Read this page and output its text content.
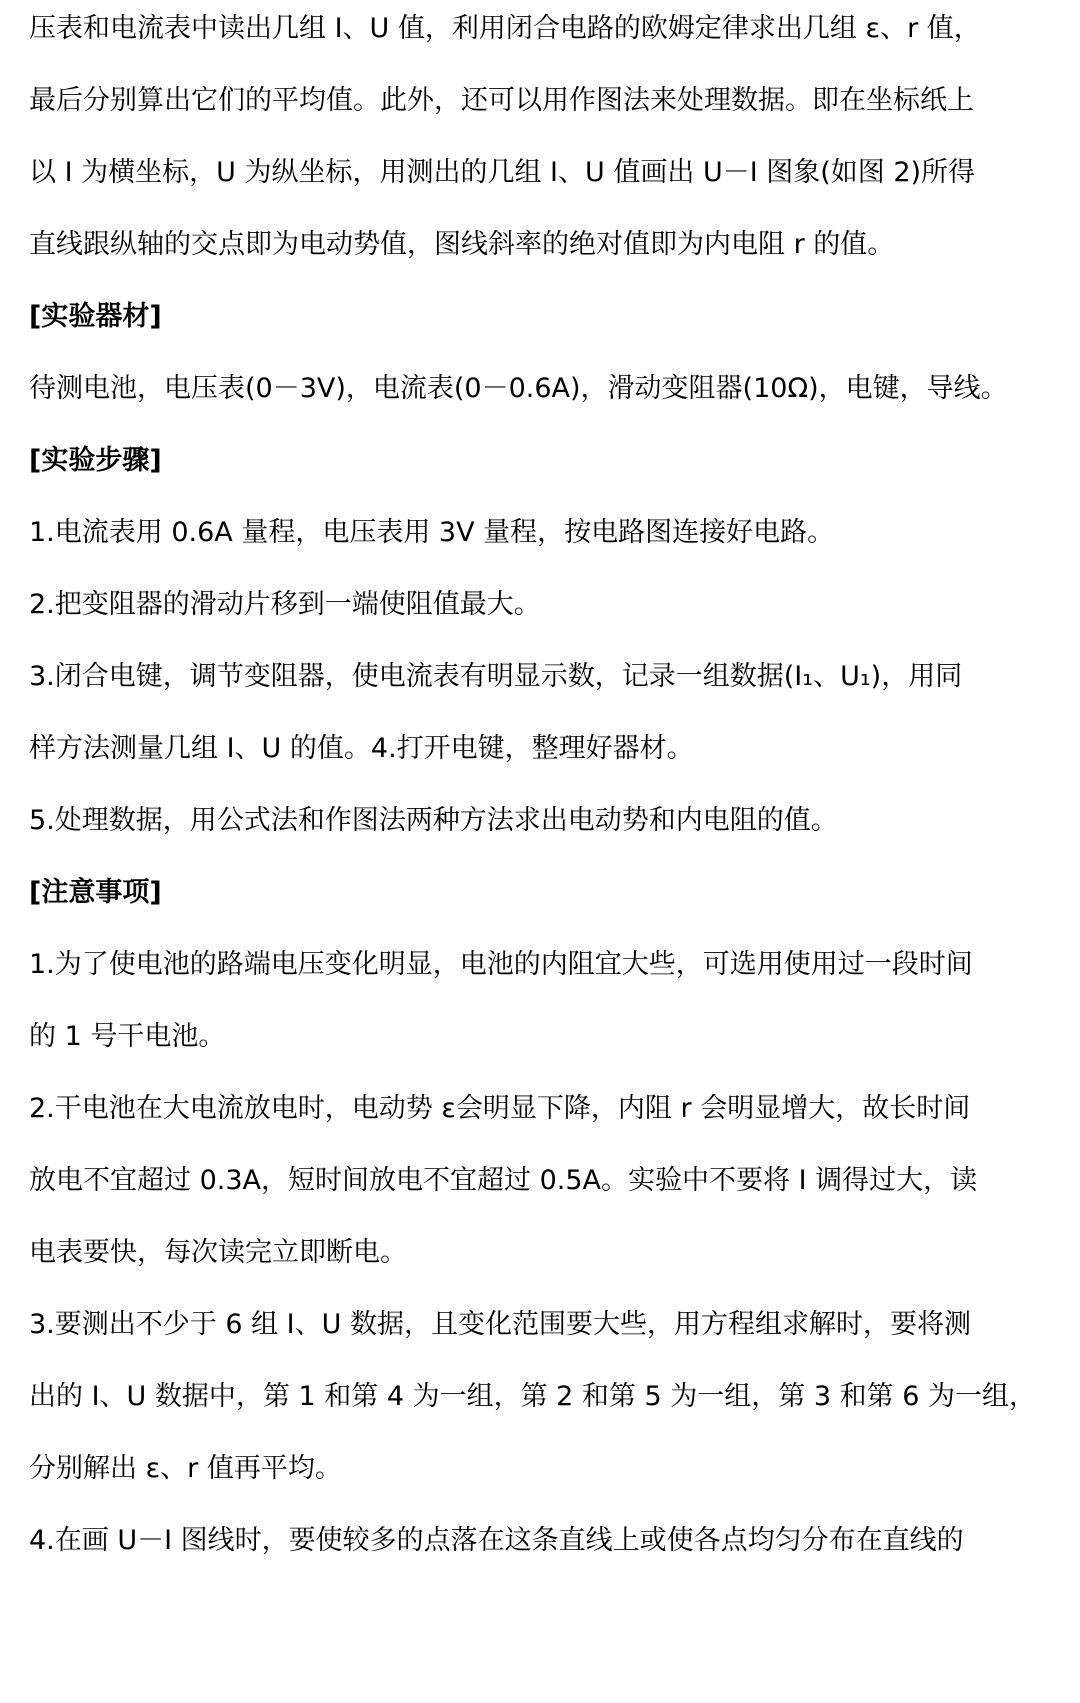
压表和电流表中读出几组 I、U 值，利用闭合电路的欧姆定律求出几组 ε、r 值，
最后分别算出它们的平均值。此外，还可以用作图法来处理数据。即在坐标纸上
以 I 为横坐标，U 为纵坐标，用测出的几组 I、U 值画出 U－I 图象(如图 2)所得
直线跟纵轴的交点即为电动势值，图线斜率的绝对值即为内电阻 r 的值。
[实验器材]
待测电池，电压表(0－3V)，电流表(0－0.6A)，滑动变阻器(10Ω)，电键，导线。
[实验步骤]
1.电流表用 0.6A 量程，电压表用 3V 量程，按电路图连接好电路。
2.把变阻器的滑动片移到一端使阻值最大。
3.闭合电键，调节变阻器，使电流表有明显示数，记录一组数据(I₁、U₁)，用同
样方法测量几组 I、U 的值。4.打开电键，整理好器材。
5.处理数据，用公式法和作图法两种方法求出电动势和内电阻的值。
[注意事项]
1.为了使电池的路端电压变化明显，电池的内阻宜大些，可选用使用过一段时间
的 1 号干电池。
2.干电池在大电流放电时，电动势 ε会明显下降，内阻 r 会明显增大，故长时间
放电不宜超过 0.3A，短时间放电不宜超过 0.5A。实验中不要将 I 调得过大，读
电表要快，每次读完立即断电。
3.要测出不少于 6 组 I、U 数据，且变化范围要大些，用方程组求解时，要将测
出的 I、U 数据中，第 1 和第 4 为一组，第 2 和第 5 为一组，第 3 和第 6 为一组，
分别解出 ε、r 值再平均。
4.在画 U－I 图线时，要使较多的点落在这条直线上或使各点均匀分布在直线的
